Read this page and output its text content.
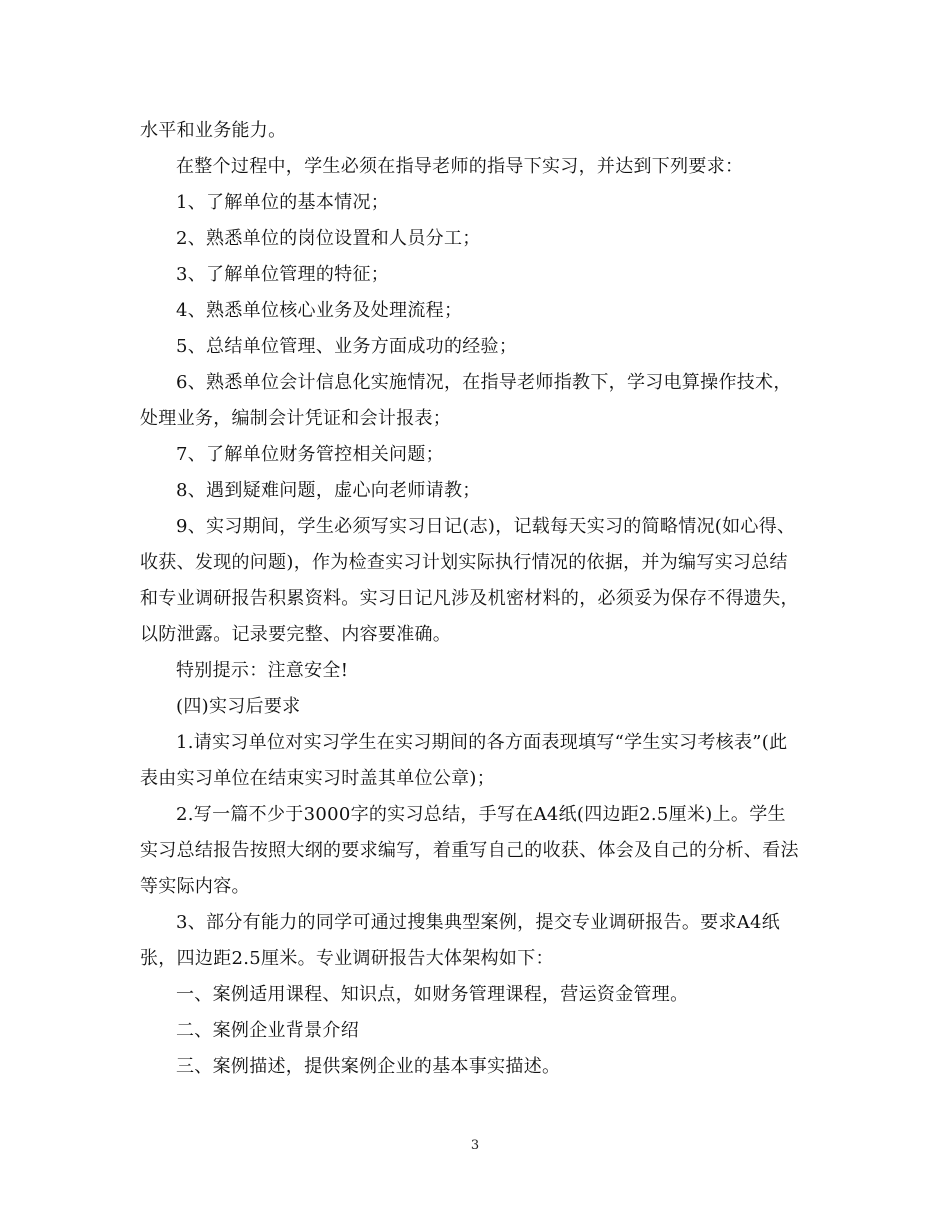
水平和业务能力。

在整个过程中，学生必须在指导老师的指导下实习，并达到下列要求：

1、了解单位的基本情况；

2、熟悉单位的岗位设置和人员分工；

3、了解单位管理的特征；

4、熟悉单位核心业务及处理流程；

5、总结单位管理、业务方面成功的经验；

6、熟悉单位会计信息化实施情况，在指导老师指教下，学习电算操作技术，处理业务，编制会计凭证和会计报表；

7、了解单位财务管控相关问题；

8、遇到疑难问题，虚心向老师请教；

9、实习期间，学生必须写实习日记(志)，记载每天实习的简略情况(如心得、收获、发现的问题)，作为检查实习计划实际执行情况的依据，并为编写实习总结和专业调研报告积累资料。实习日记凡涉及机密材料的，必须妥为保存不得遗失，以防泄露。记录要完整、内容要准确。

特别提示：注意安全!

(四)实习后要求

1.请实习单位对实习学生在实习期间的各方面表现填写“学生实习考核表”(此表由实习单位在结束实习时盖其单位公章)；

2.写一篇不少于3000字的实习总结，手写在A4纸(四边距2.5厘米)上。学生实习总结报告按照大纲的要求编写，着重写自己的收获、体会及自己的分析、看法等实际内容。

3、部分有能力的同学可通过搜集典型案例，提交专业调研报告。要求A4纸张，四边距2.5厘米。专业调研报告大体架构如下：

一、案例适用课程、知识点，如财务管理课程，营运资金管理。

二、案例企业背景介绍

三、案例描述，提供案例企业的基本事实描述。

3
